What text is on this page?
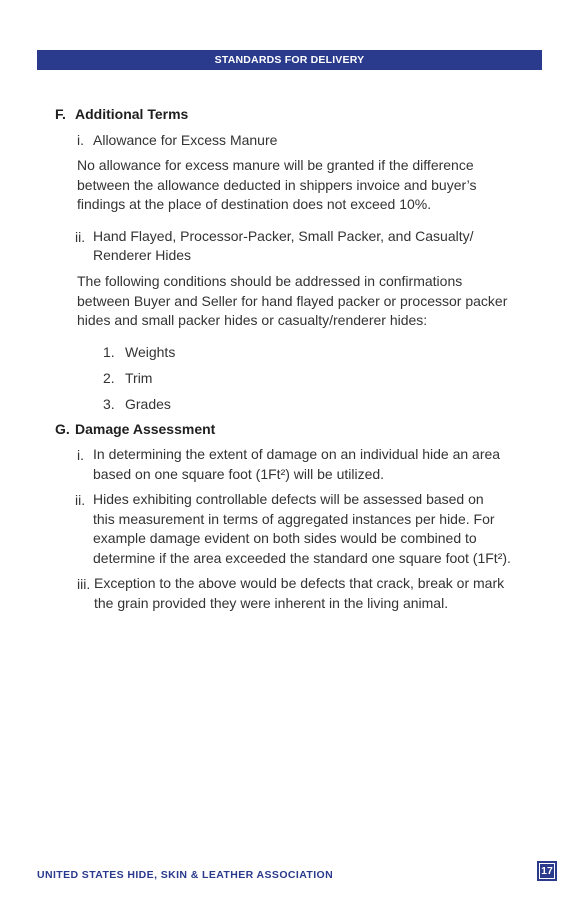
STANDARDS FOR DELIVERY
F. Additional Terms
i. Allowance for Excess Manure
No allowance for excess manure will be granted if the difference
between the allowance deducted in shippers invoice and buyer’s
findings at the place of destination does not exceed 10%.
ii. Hand Flayed, Processor-Packer, Small Packer, and Casualty/
Renderer Hides
The following conditions should be addressed in confirmations
between Buyer and Seller for hand flayed packer or processor packer
hides and small packer hides or casualty/renderer hides:
1. Weights
2. Trim
3. Grades
G. Damage Assessment
i. In determining the extent of damage on an individual hide an area
based on one square foot (1Ft²) will be utilized.
ii. Hides exhibiting controllable defects will be assessed based on
this measurement in terms of aggregated instances per hide. For
example damage evident on both sides would be combined to
determine if the area exceeded the standard one square foot (1Ft²).
iii. Exception to the above would be defects that crack, break or mark
the grain provided they were inherent in the living animal.
UNITED STATES HIDE, SKIN & LEATHER ASSOCIATION	17
